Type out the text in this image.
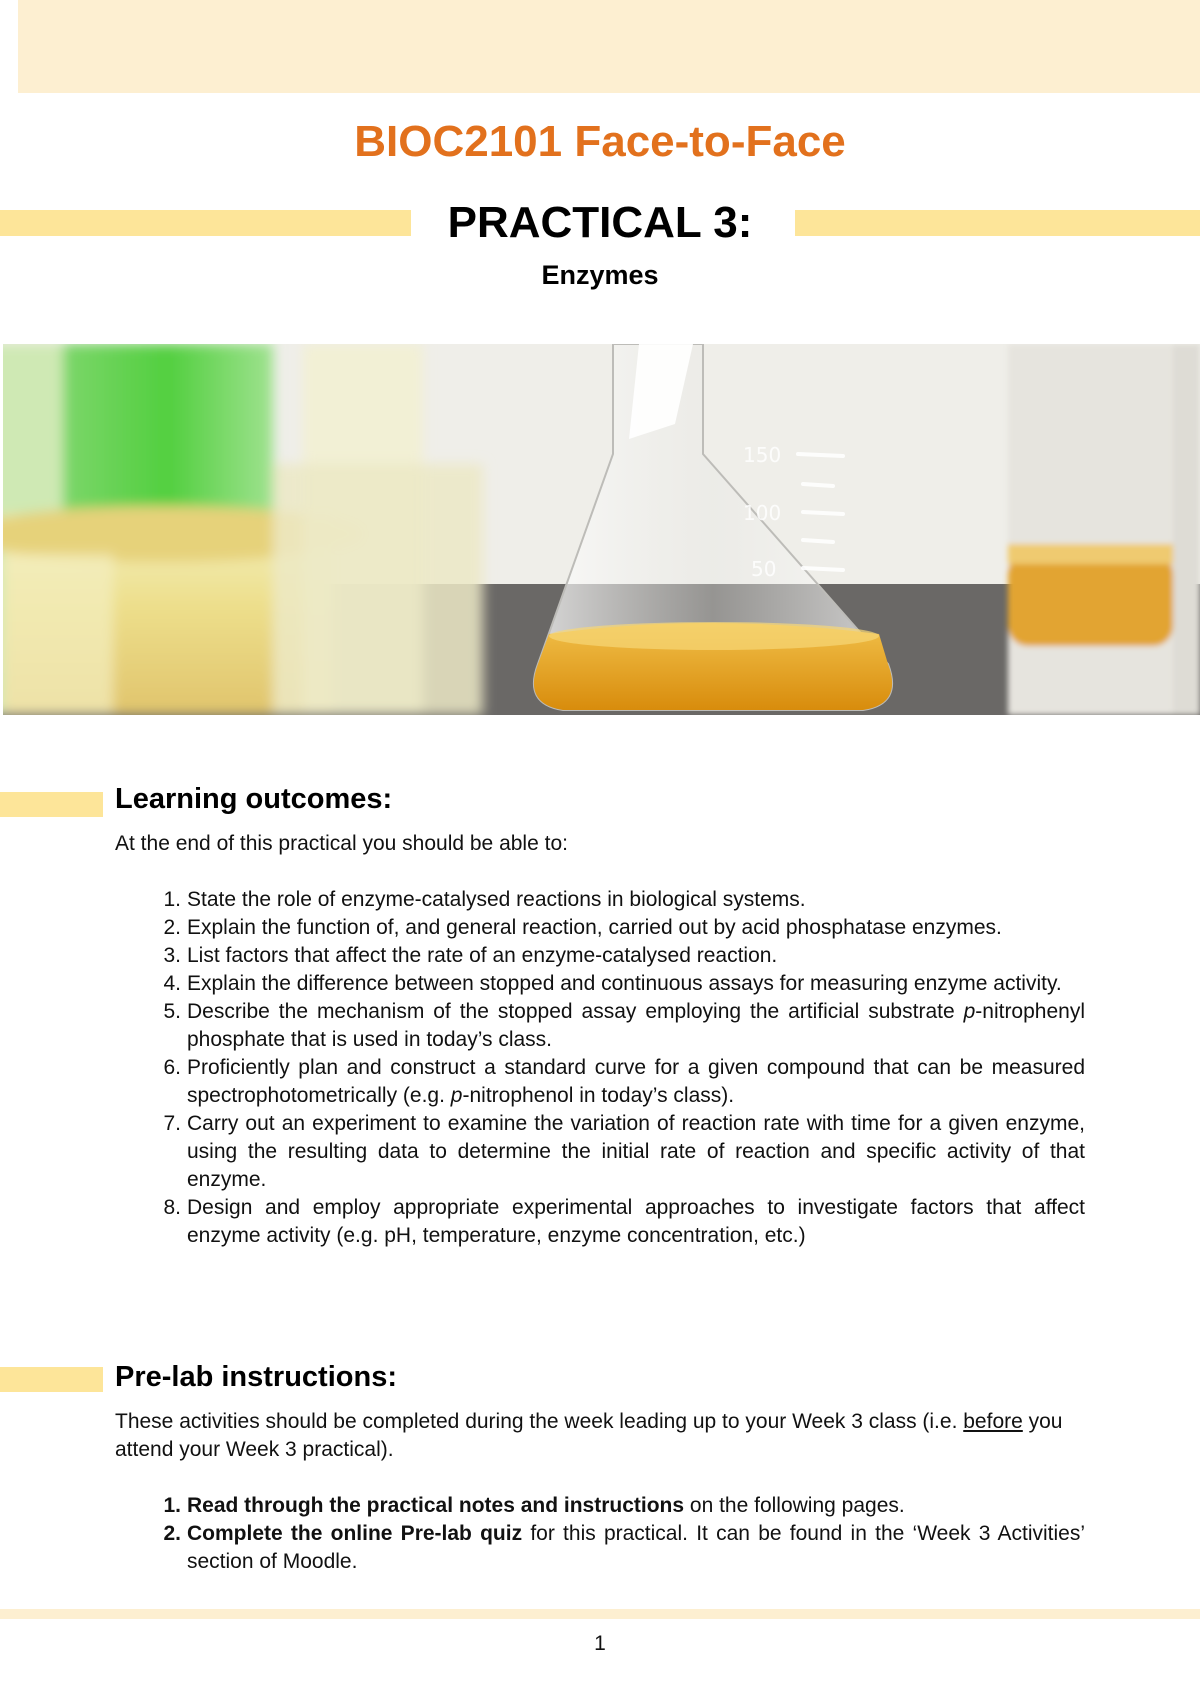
BIOC2101 Face-to-Face
PRACTICAL 3:
Enzymes
150
100
50
Learning outcomes:

At the end of this practical you should be able to:

1. State the role of enzyme-catalysed reactions in biological systems.
2. Explain the function of, and general reaction, carried out by acid phosphatase enzymes.
3. List factors that affect the rate of an enzyme-catalysed reaction.
4. Explain the difference between stopped and continuous assays for measuring enzyme activity.
5. Describe the mechanism of the stopped assay employing the artificial substrate p-nitrophenyl phosphate that is used in today’s class.
6. Proficiently plan and construct a standard curve for a given compound that can be measured spectrophotometrically (e.g. p-nitrophenol in today’s class).
7. Carry out an experiment to examine the variation of reaction rate with time for a given enzyme, using the resulting data to determine the initial rate of reaction and specific activity of that enzyme.
8. Design and employ appropriate experimental approaches to investigate factors that affect enzyme activity (e.g. pH, temperature, enzyme concentration, etc.)
Pre-lab instructions:

These activities should be completed during the week leading up to your Week 3 class (i.e. before you attend your Week 3 practical).

1. Read through the practical notes and instructions on the following pages.
2. Complete the online Pre-lab quiz for this practical. It can be found in the ‘Week 3 Activities’ section of Moodle.
1
